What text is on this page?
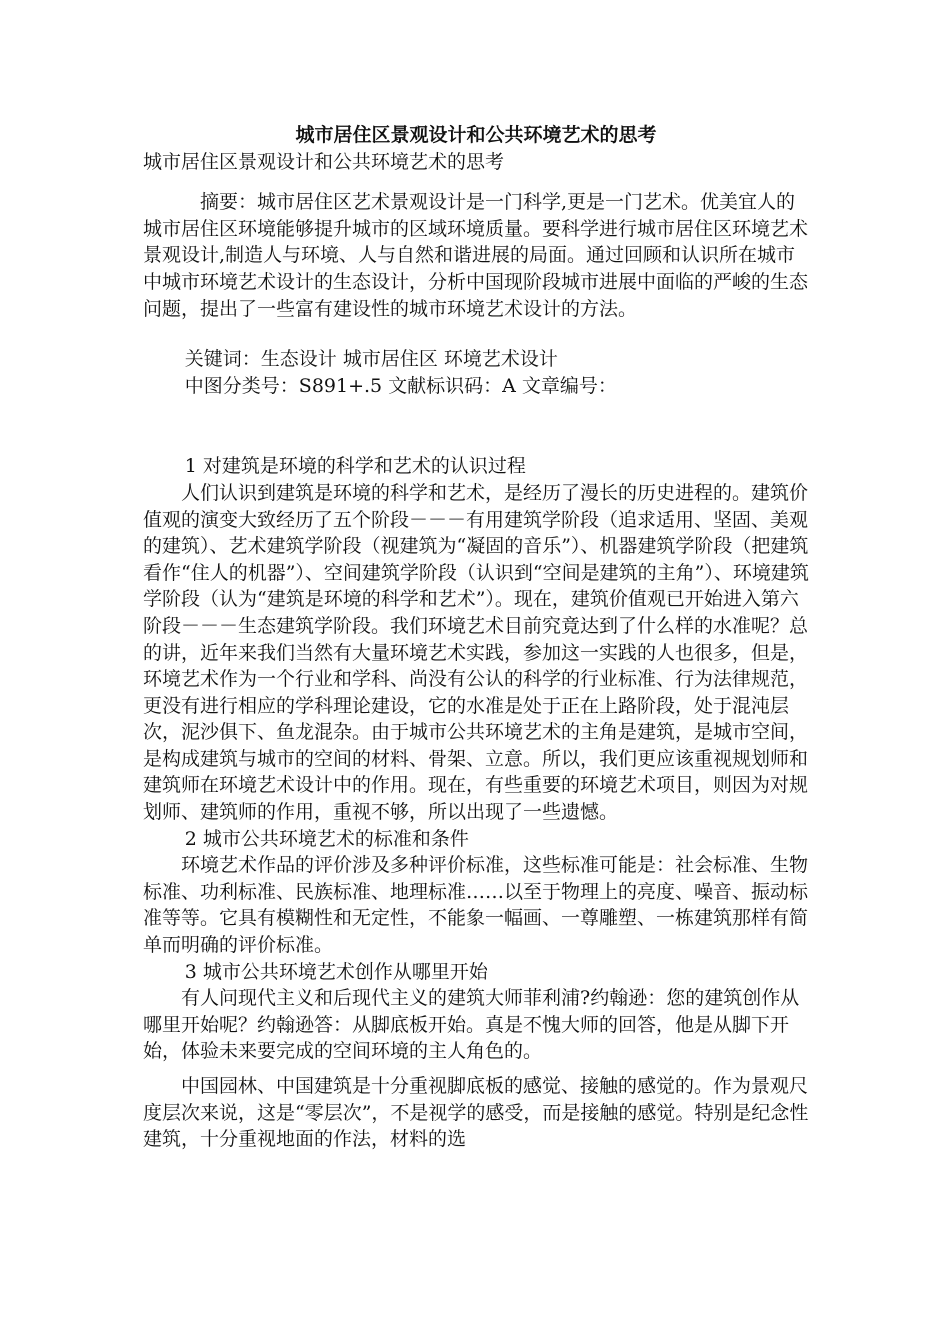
城市居住区景观设计和公共环境艺术的思考

城市居住区景观设计和公共环境艺术的思考

摘要：城市居住区艺术景观设计是一门科学,更是一门艺术。优美宜人的城市居住区环境能够提升城市的区域环境质量。要科学进行城市居住区环境艺术景观设计,制造人与环境、人与自然和谐进展的局面。通过回顾和认识所在城市中城市环境艺术设计的生态设计，分析中国现阶段城市进展中面临的严峻的生态问题，提出了一些富有建设性的城市环境艺术设计的方法。

关键词：生态设计 城市居住区 环境艺术设计

中图分类号：S891+.5 文献标识码：A 文章编号：

1 对建筑是环境的科学和艺术的认识过程

人们认识到建筑是环境的科学和艺术，是经历了漫长的历史进程的。建筑价值观的演变大致经历了五个阶段－－－有用建筑学阶段（追求适用、坚固、美观的建筑）、艺术建筑学阶段（视建筑为“凝固的音乐”）、机器建筑学阶段（把建筑看作“住人的机器”）、空间建筑学阶段（认识到“空间是建筑的主角”）、环境建筑学阶段（认为“建筑是环境的科学和艺术”）。现在，建筑价值观已开始进入第六阶段－－－生态建筑学阶段。我们环境艺术目前究竟达到了什么样的水准呢？总的讲，近年来我们当然有大量环境艺术实践，参加这一实践的人也很多，但是，环境艺术作为一个行业和学科、尚没有公认的科学的行业标准、行为法律规范，更没有进行相应的学科理论建设，它的水准是处于正在上路阶段，处于混沌层次，泥沙俱下、鱼龙混杂。由于城市公共环境艺术的主角是建筑，是城市空间，是构成建筑与城市的空间的材料、骨架、立意。所以，我们更应该重视规划师和建筑师在环境艺术设计中的作用。现在，有些重要的环境艺术项目，则因为对规划师、建筑师的作用，重视不够，所以出现了一些遗憾。

2 城市公共环境艺术的标准和条件

环境艺术作品的评价涉及多种评价标准，这些标准可能是：社会标准、生物标准、功利标准、民族标准、地理标准……以至于物理上的亮度、噪音、振动标准等等。它具有模糊性和无定性，不能象一幅画、一尊雕塑、一栋建筑那样有简单而明确的评价标准。

3 城市公共环境艺术创作从哪里开始

有人问现代主义和后现代主义的建筑大师菲利浦?约翰逊：您的建筑创作从哪里开始呢？约翰逊答：从脚底板开始。真是不愧大师的回答，他是从脚下开始，体验未来要完成的空间环境的主人角色的。

中国园林、中国建筑是十分重视脚底板的感觉、接触的感觉的。作为景观尺度层次来说，这是“零层次”，不是视学的感受，而是接触的感觉。特别是纪念性建筑，十分重视地面的作法，材料的选
